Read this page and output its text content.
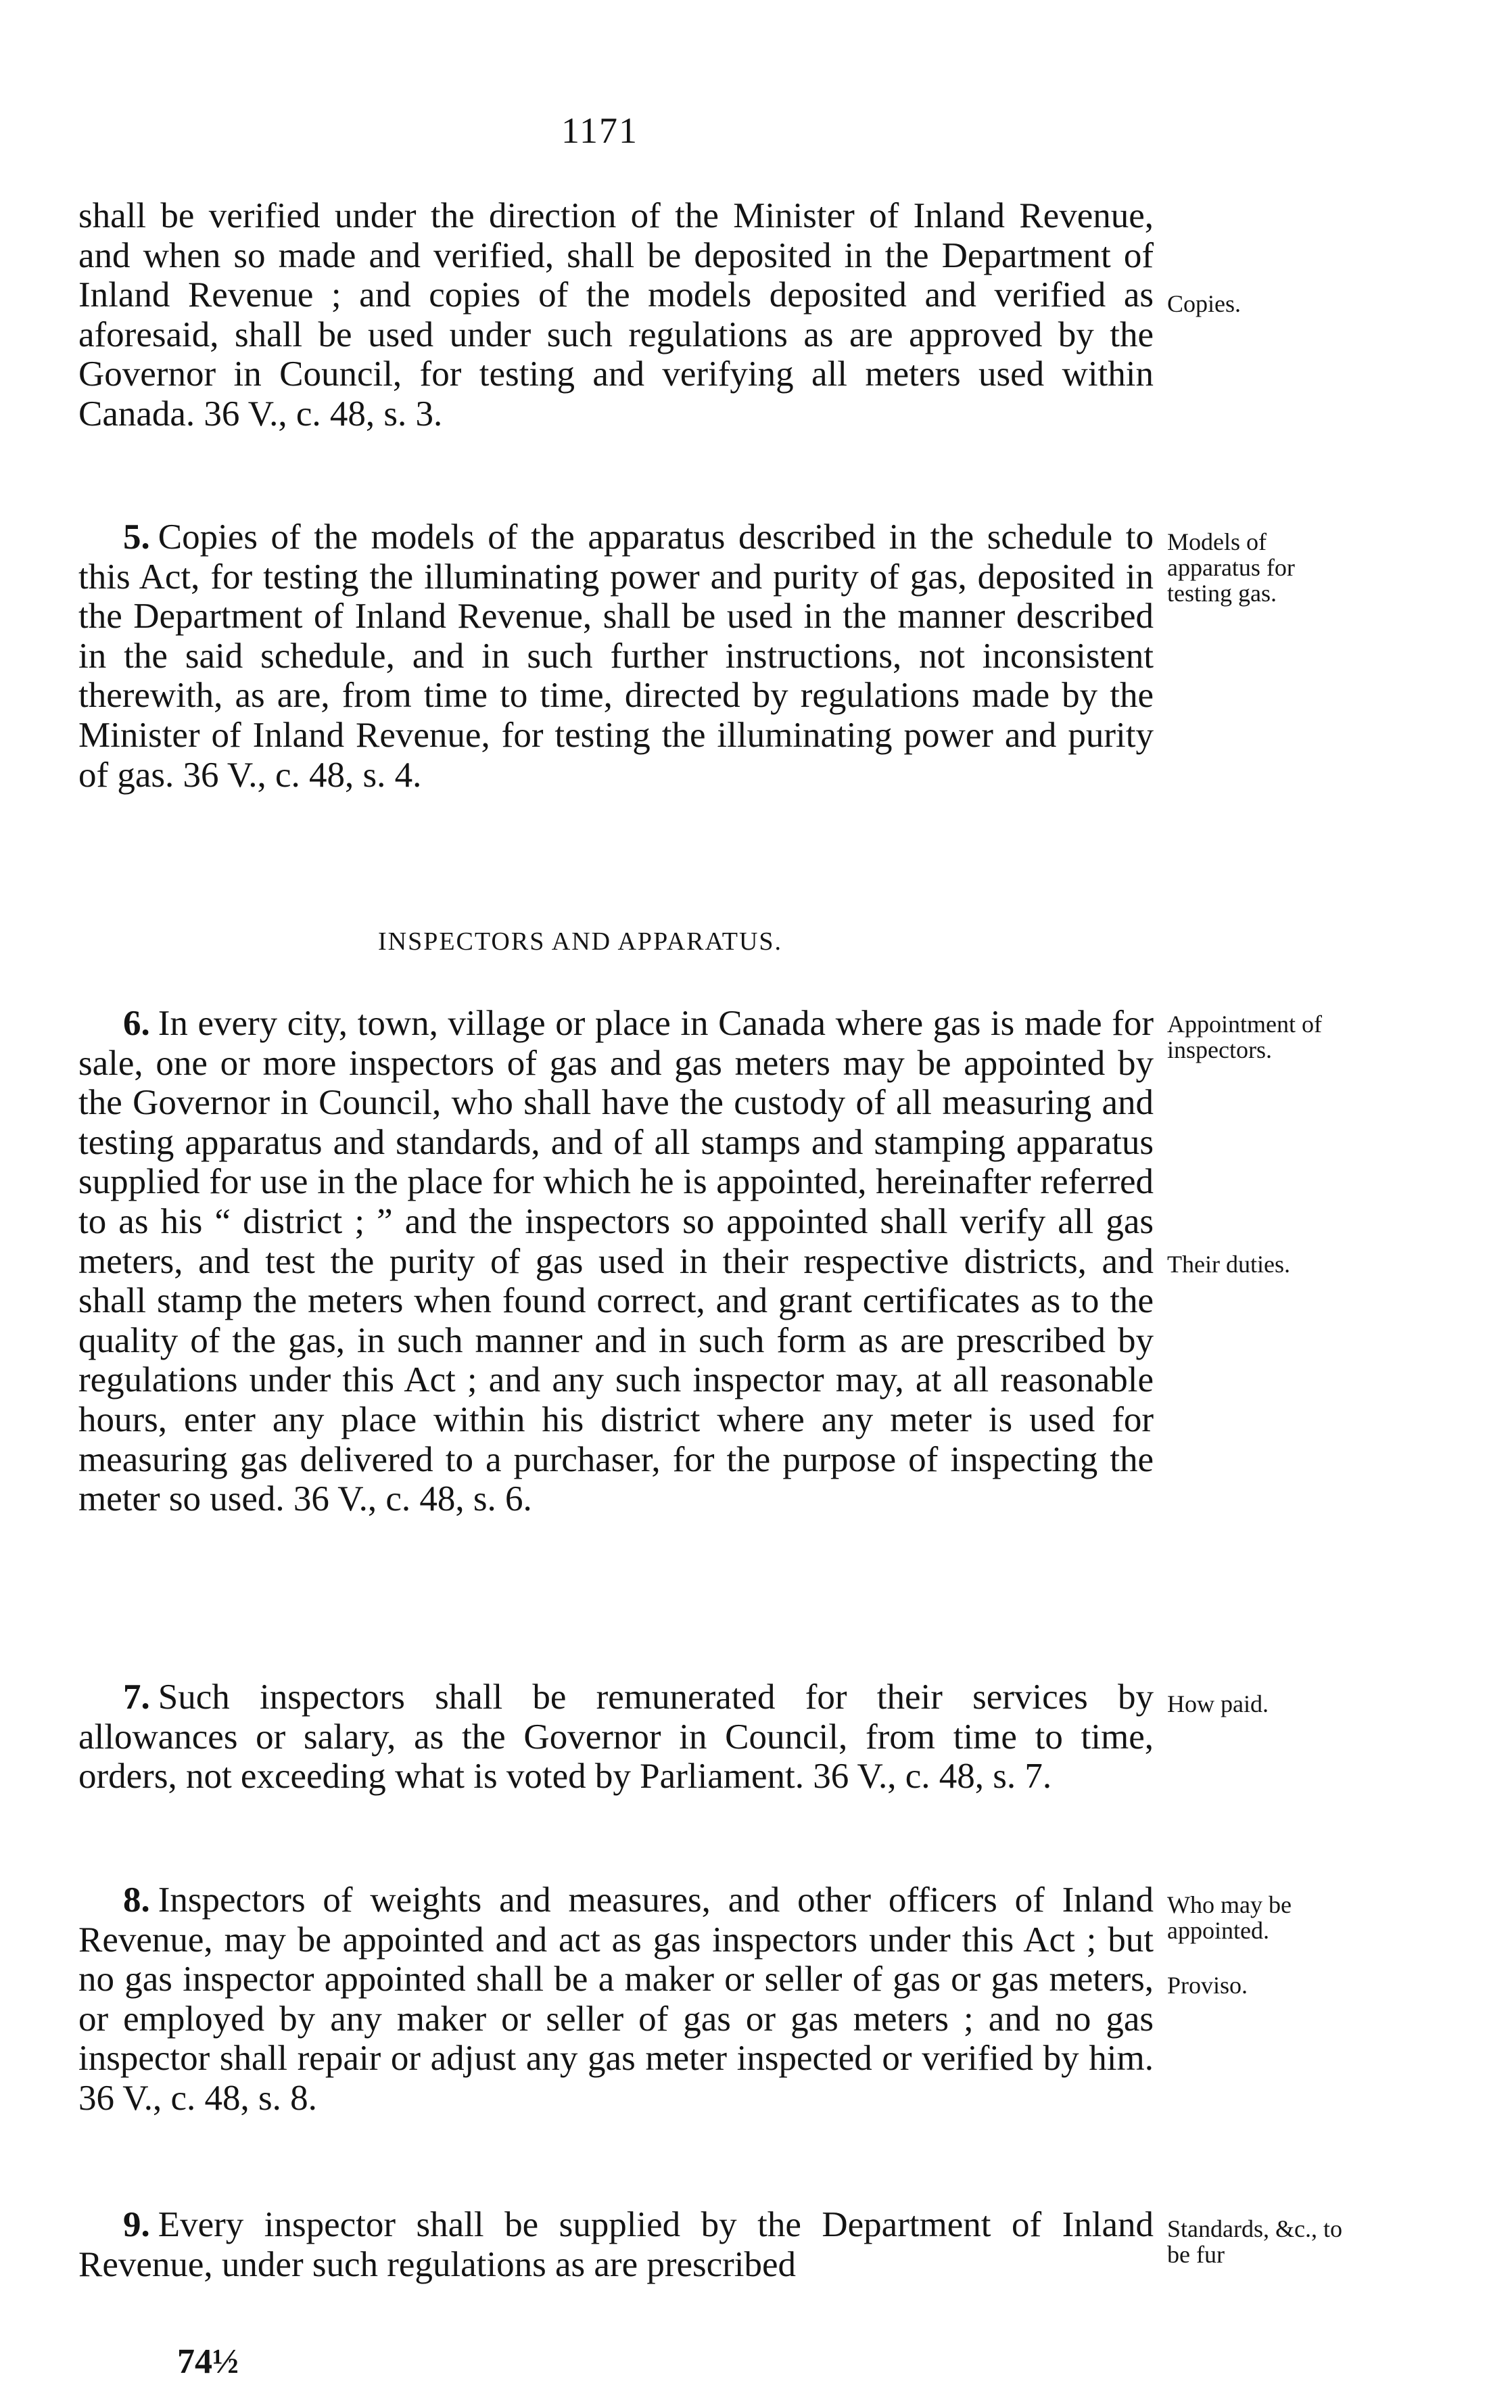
1171

shall be verified under the direction of the Minister of Inland Revenue, and when so made and verified, shall be deposited in the Department of Inland Revenue ; and copies of the models deposited and verified as aforesaid, shall be used under such regulations as are approved by the Governor in Council, for testing and verifying all meters used within Canada. 36 V., c. 48, s. 3.

5. Copies of the models of the apparatus described in the schedule to this Act, for testing the illuminating power and purity of gas, deposited in the Department of Inland Revenue, shall be used in the manner described in the said schedule, and in such further instructions, not inconsistent therewith, as are, from time to time, directed by regulations made by the Minister of Inland Revenue, for testing the illuminating power and purity of gas. 36 V., c. 48, s. 4.

INSPECTORS AND APPARATUS.

6. In every city, town, village or place in Canada where gas is made for sale, one or more inspectors of gas and gas meters may be appointed by the Governor in Council, who shall have the custody of all measuring and testing apparatus and standards, and of all stamps and stamping apparatus supplied for use in the place for which he is appointed, hereinafter referred to as his “ district ; ” and the inspectors so appointed shall verify all gas meters, and test the purity of gas used in their respective districts, and shall stamp the meters when found correct, and grant certificates as to the quality of the gas, in such manner and in such form as are prescribed by regulations under this Act ; and any such inspector may, at all reasonable hours, enter any place within his district where any meter is used for measuring gas delivered to a purchaser, for the purpose of inspecting the meter so used. 36 V., c. 48, s. 6.

7. Such inspectors shall be remunerated for their services by allowances or salary, as the Governor in Council, from time to time, orders, not exceeding what is voted by Parliament. 36 V., c. 48, s. 7.

8. Inspectors of weights and measures, and other officers of Inland Revenue, may be appointed and act as gas inspectors under this Act ; but no gas inspector appointed shall be a maker or seller of gas or gas meters, or employed by any maker or seller of gas or gas meters ; and no gas inspector shall repair or adjust any gas meter inspected or verified by him. 36 V., c. 48, s. 8.

9. Every inspector shall be supplied by the Department of Inland Revenue, under such regulations as are prescribed

Copies.
Models of apparatus for testing gas.
Appointment of inspectors.
Their duties.
How paid.
Who may be appointed.
Proviso.
Standards, &c., to be fur
74½
